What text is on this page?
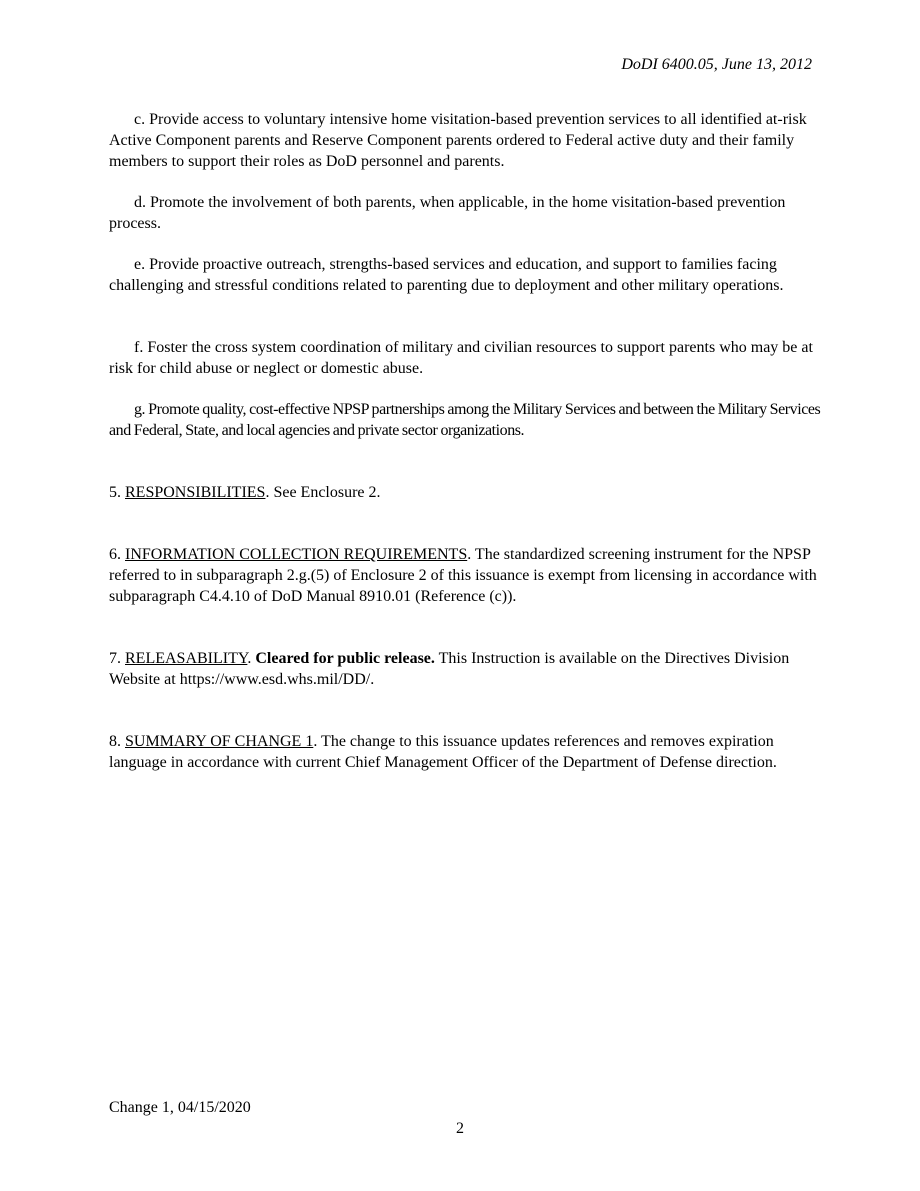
DoDI 6400.05, June 13, 2012

c. Provide access to voluntary intensive home visitation-based prevention services to all identified at-risk Active Component parents and Reserve Component parents ordered to Federal active duty and their family members to support their roles as DoD personnel and parents.

d. Promote the involvement of both parents, when applicable, in the home visitation-based prevention process.

e. Provide proactive outreach, strengths-based services and education, and support to families facing challenging and stressful conditions related to parenting due to deployment and other military operations.

f. Foster the cross system coordination of military and civilian resources to support parents who may be at risk for child abuse or neglect or domestic abuse.

g. Promote quality, cost-effective NPSP partnerships among the Military Services and between the Military Services and Federal, State, and local agencies and private sector organizations.

5. RESPONSIBILITIES. See Enclosure 2.

6. INFORMATION COLLECTION REQUIREMENTS. The standardized screening instrument for the NPSP referred to in subparagraph 2.g.(5) of Enclosure 2 of this issuance is exempt from licensing in accordance with subparagraph C4.4.10 of DoD Manual 8910.01 (Reference (c)).

7. RELEASABILITY. Cleared for public release. This Instruction is available on the Directives Division Website at https://www.esd.whs.mil/DD/.

8. SUMMARY OF CHANGE 1. The change to this issuance updates references and removes expiration language in accordance with current Chief Management Officer of the Department of Defense direction.

Change 1, 04/15/2020
2
